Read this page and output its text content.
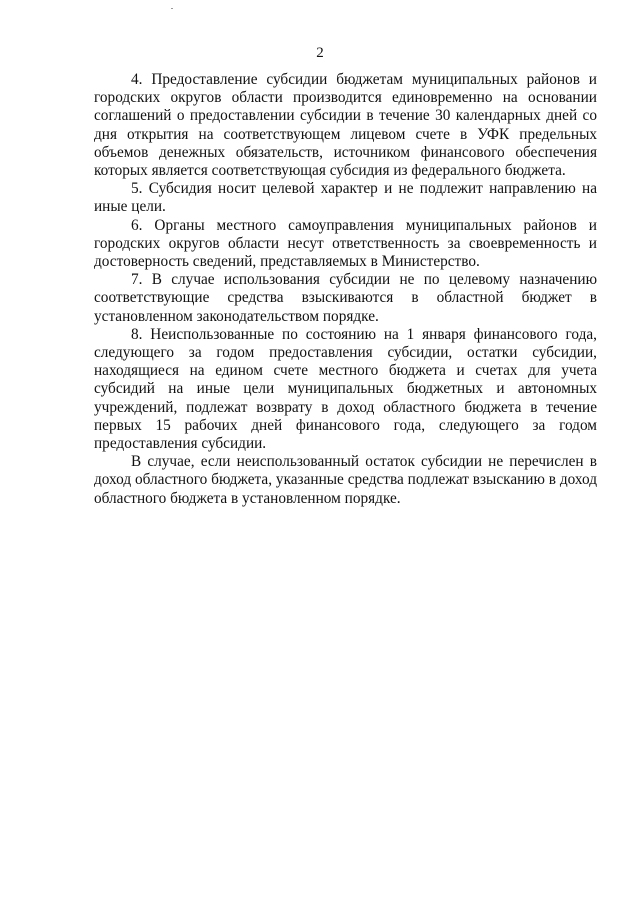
2

4. Предоставление субсидии бюджетам муниципальных районов и городских округов области производится единовременно на основании соглашений о предоставлении субсидии в течение 30 календарных дней со дня открытия на соответствующем лицевом счете в УФК предельных объемов денежных обязательств, источником финансового обеспечения которых является соответствующая субсидия из федерального бюджета.

5. Субсидия носит целевой характер и не подлежит направлению на иные цели.

6. Органы местного самоуправления муниципальных районов и городских округов области несут ответственность за своевременность и достоверность сведений, представляемых в Министерство.

7. В случае использования субсидии не по целевому назначению соответствующие средства взыскиваются в областной бюджет в установленном законодательством порядке.

8. Неиспользованные по состоянию на 1 января финансового года, следующего за годом предоставления субсидии, остатки субсидии, находящиеся на едином счете местного бюджета и счетах для учета субсидий на иные цели муниципальных бюджетных и автономных учреждений, подлежат возврату в доход областного бюджета в течение первых 15 рабочих дней финансового года, следующего за годом предоставления субсидии.

В случае, если неиспользованный остаток субсидии не перечислен в доход областного бюджета, указанные средства подлежат взысканию в доход областного бюджета в установленном порядке.
